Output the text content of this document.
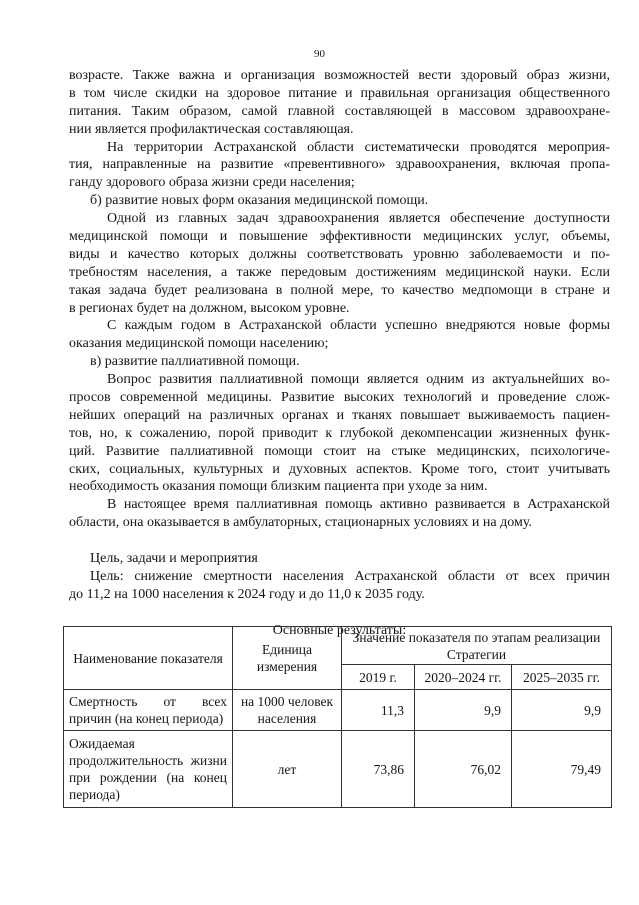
90
возрасте. Также важна и организация возможностей вести здоровый образ жизни,
в том числе скидки на здоровое питание и правильная организация общественного
питания. Таким образом, самой главной составляющей в массовом здравоохране-
нии является профилактическая составляющая.
На территории Астраханской области систематически проводятся мероприя-
тия, направленные на развитие «превентивного» здравоохранения, включая пропа-
ганду здорового образа жизни среди населения;
б) развитие новых форм оказания медицинской помощи.
Одной из главных задач здравоохранения является обеспечение доступности
медицинской помощи и повышение эффективности медицинских услуг, объемы,
виды и качество которых должны соответствовать уровню заболеваемости и по-
требностям населения, а также передовым достижениям медицинской науки. Если
такая задача будет реализована в полной мере, то качество медпомощи в стране и
в регионах будет на должном, высоком уровне.
С каждым годом в Астраханской области успешно внедряются новые формы
оказания медицинской помощи населению;
в) развитие паллиативной помощи.
Вопрос развития паллиативной помощи является одним из актуальнейших во-
просов современной медицины. Развитие высоких технологий и проведение слож-
нейших операций на различных органах и тканях повышает выживаемость пациен-
тов, но, к сожалению, порой приводит к глубокой декомпенсации жизненных функ-
ций. Развитие паллиативной помощи стоит на стыке медицинских, психологиче-
ских, социальных, культурных и духовных аспектов. Кроме того, стоит учитывать
необходимость оказания помощи близким пациента при уходе за ним.
В настоящее время паллиативная помощь активно развивается в Астраханской
области, она оказывается в амбулаторных, стационарных условиях и на дому.
Цель, задачи и мероприятия
Цель: снижение смертности населения Астраханской области от всех причин
до 11,2 на 1000 населения к 2024 году и до 11,0 к 2035 году.
Основные результаты:
Наименование показателя	Единица измерения	Значение показателя по этапам реализации Стратегии		
		2019 г.	2020–2024 гг.	2025–2035 гг.
Смертность от всех причин (на конец периода)	на 1000 человек населения	11,3	9,9	9,9
Ожидаемая продолжительность жизни при рождении (на конец периода)	лет	73,86	76,02	79,49
